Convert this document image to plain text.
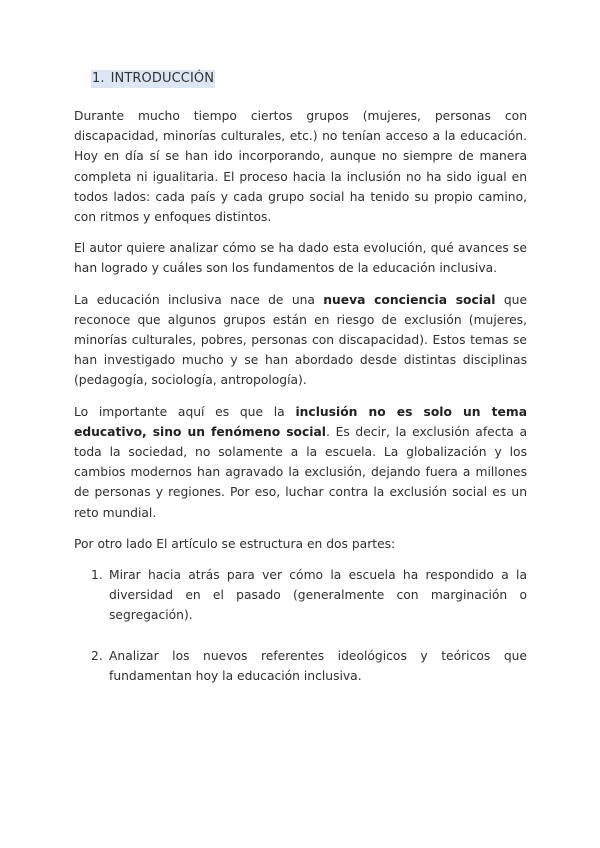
1. INTRODUCCIÓN

Durante mucho tiempo ciertos grupos (mujeres, personas con discapacidad, minorías culturales, etc.) no tenían acceso a la educación. Hoy en día sí se han ido incorporando, aunque no siempre de manera completa ni igualitaria. El proceso hacia la inclusión no ha sido igual en todos lados: cada país y cada grupo social ha tenido su propio camino, con ritmos y enfoques distintos.

El autor quiere analizar cómo se ha dado esta evolución, qué avances se han logrado y cuáles son los fundamentos de la educación inclusiva.

La educación inclusiva nace de una nueva conciencia social que reconoce que algunos grupos están en riesgo de exclusión (mujeres, minorías culturales, pobres, personas con discapacidad). Estos temas se han investigado mucho y se han abordado desde distintas disciplinas (pedagogía, sociología, antropología).

Lo importante aquí es que la inclusión no es solo un tema educativo, sino un fenómeno social. Es decir, la exclusión afecta a toda la sociedad, no solamente a la escuela. La globalización y los cambios modernos han agravado la exclusión, dejando fuera a millones de personas y regiones. Por eso, luchar contra la exclusión social es un reto mundial.

Por otro lado El artículo se estructura en dos partes:

1. Mirar hacia atrás para ver cómo la escuela ha respondido a la diversidad en el pasado (generalmente con marginación o segregación).
2. Analizar los nuevos referentes ideológicos y teóricos que fundamentan hoy la educación inclusiva.
